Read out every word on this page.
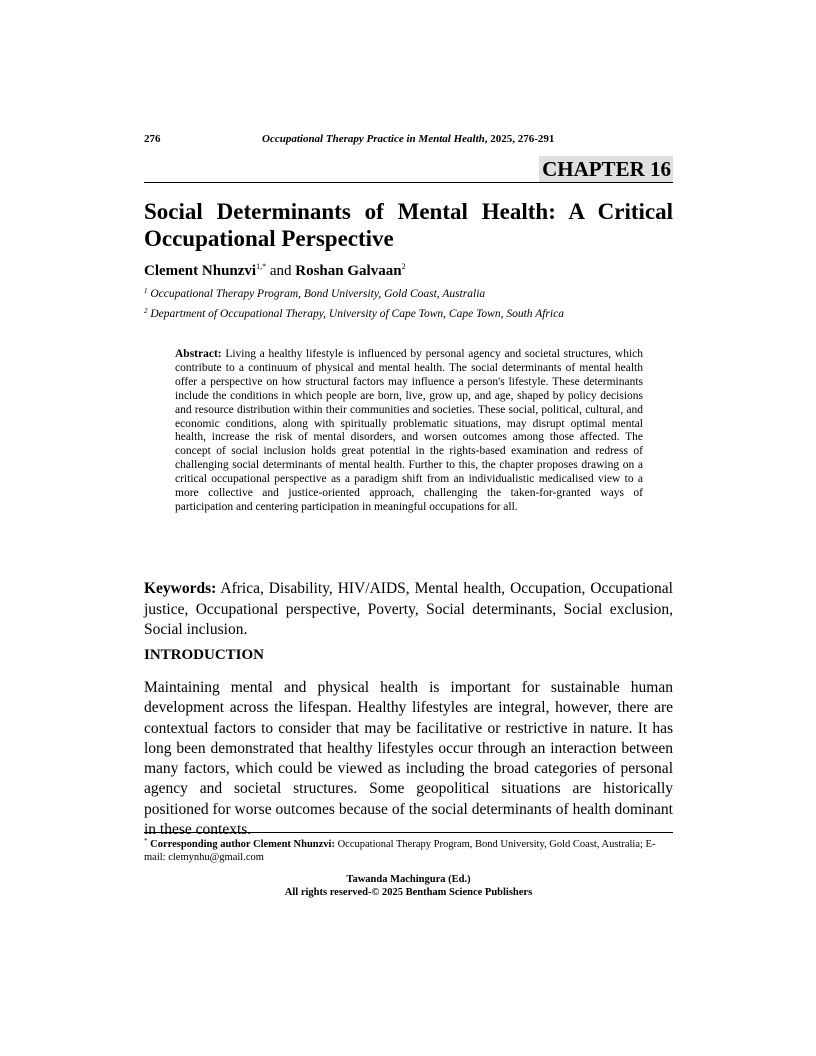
276	Occupational Therapy Practice in Mental Health, 2025, 276-291
CHAPTER 16
Social Determinants of Mental Health: A Critical Occupational Perspective
Clement Nhunzvi$^{1,*}$ and Roshan Galvaan$^2$
$^1$ Occupational Therapy Program, Bond University, Gold Coast, Australia
$^2$ Department of Occupational Therapy, University of Cape Town, Cape Town, South Africa

Abstract: Living a healthy lifestyle is influenced by personal agency and societal structures, which contribute to a continuum of physical and mental health. The social determinants of mental health offer a perspective on how structural factors may influence a person's lifestyle. These determinants include the conditions in which people are born, live, grow up, and age, shaped by policy decisions and resource distribution within their communities and societies. These social, political, cultural, and economic conditions, along with spiritually problematic situations, may disrupt optimal mental health, increase the risk of mental disorders, and worsen outcomes among those affected. The concept of social inclusion holds great potential in the rights-based examination and redress of challenging social determinants of mental health. Further to this, the chapter proposes drawing on a critical occupational perspective as a paradigm shift from an individualistic medicalised view to a more collective and justice-oriented approach, challenging the taken-for-granted ways of participation and centering participation in meaningful occupations for all.

Keywords: Africa, Disability, HIV/AIDS, Mental health, Occupation, Occupational justice, Occupational perspective, Poverty, Social determinants, Social exclusion, Social inclusion.

INTRODUCTION

Maintaining mental and physical health is important for sustainable human development across the lifespan. Healthy lifestyles are integral, however, there are contextual factors to consider that may be facilitative or restrictive in nature. It has long been demonstrated that healthy lifestyles occur through an interaction between many factors, which could be viewed as including the broad categories of personal agency and societal structures. Some geopolitical situations are historically positioned for worse outcomes because of the social determinants of health dominant in these contexts.

* Corresponding author Clement Nhunzvi: Occupational Therapy Program, Bond University, Gold Coast, Australia; E-mail: clemynhu@gmail.com

Tawanda Machingura (Ed.)
All rights reserved-© 2025 Bentham Science Publishers
